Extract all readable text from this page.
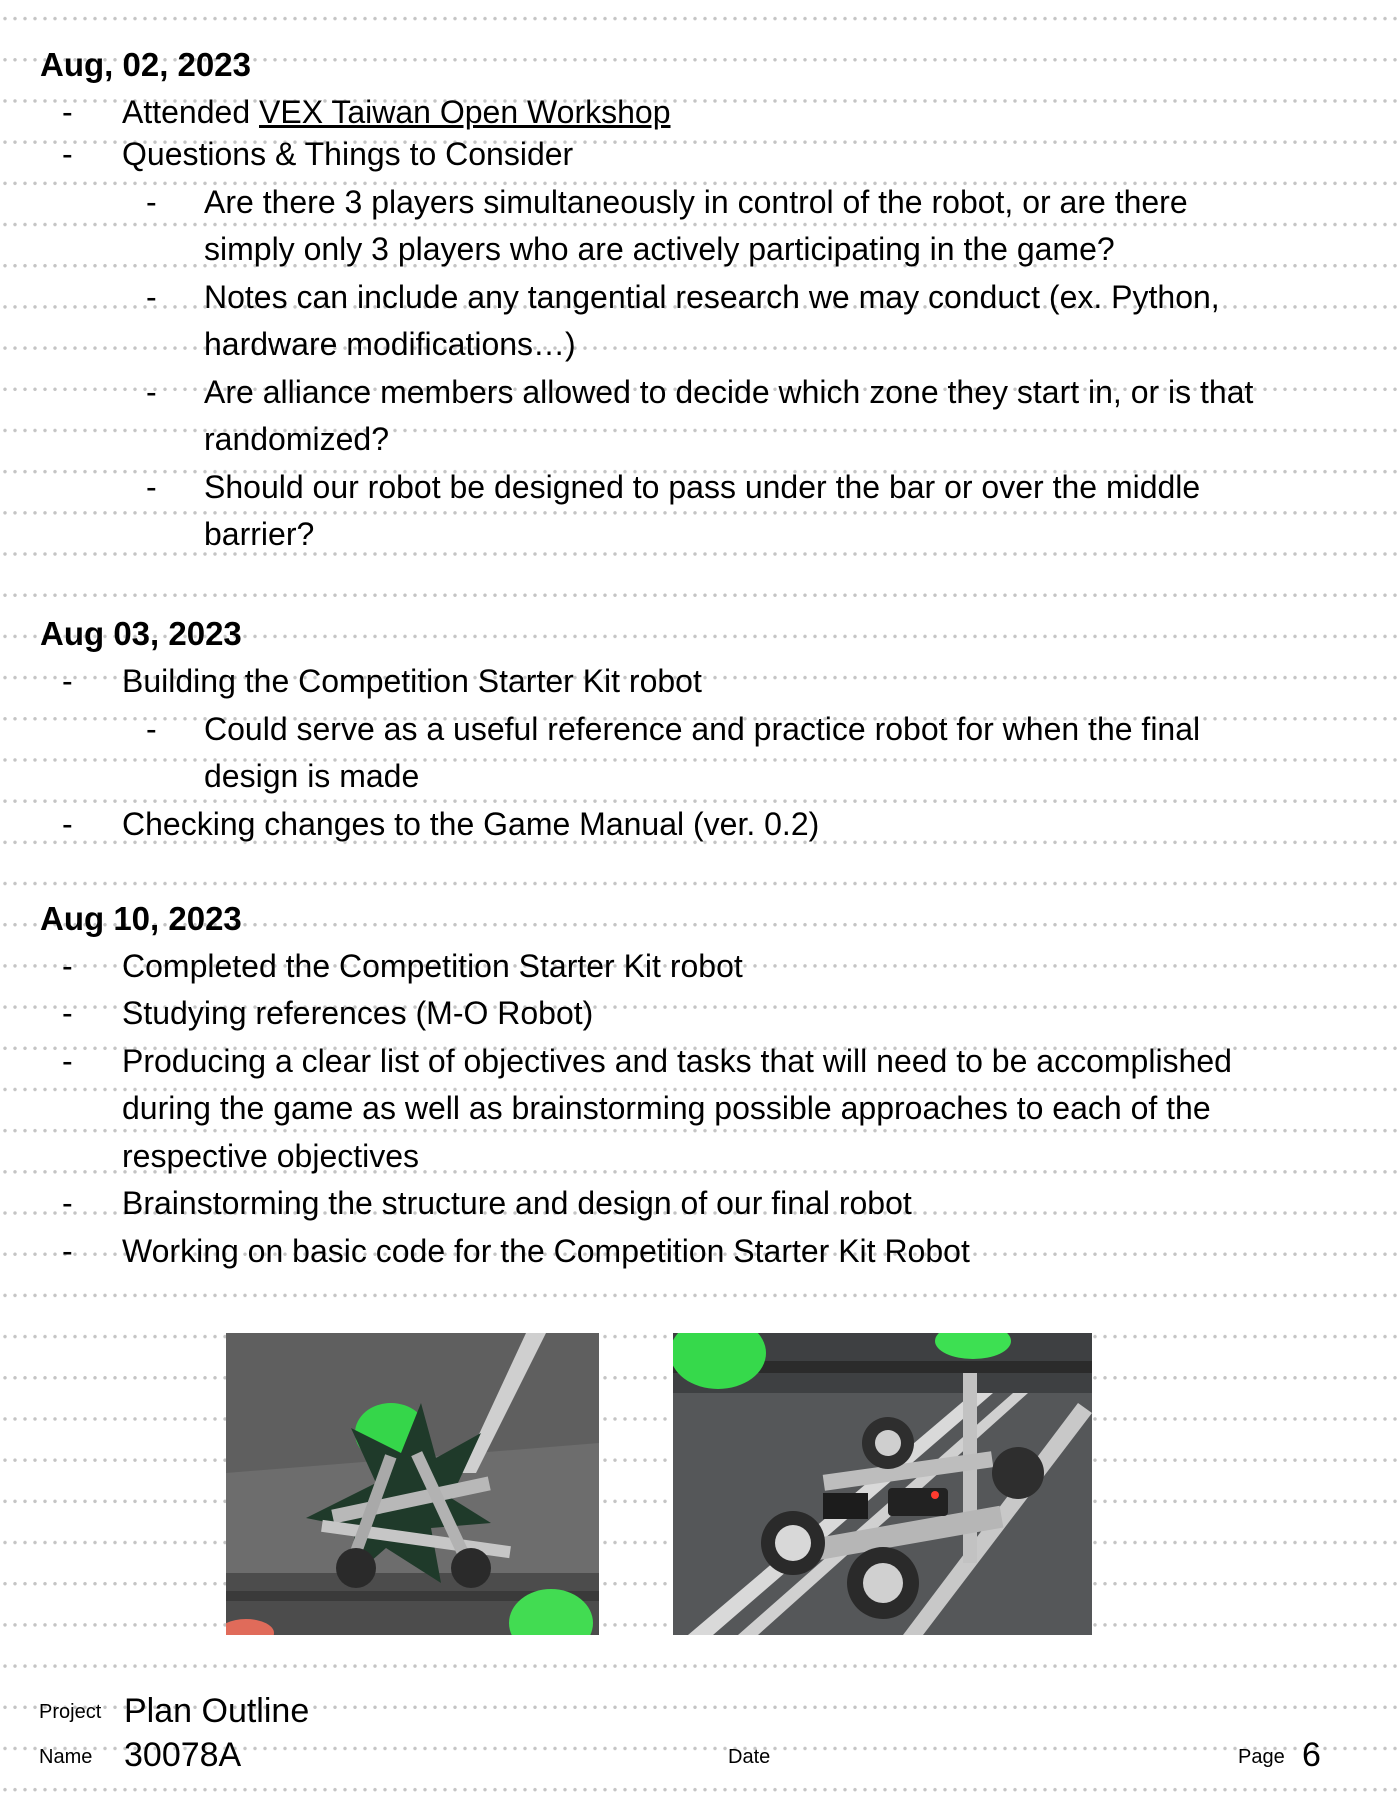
Aug, 02, 2023
- Attended VEX Taiwan Open Workshop
- Questions & Things to Consider
- Are there 3 players simultaneously in control of the robot, or are there
simply only 3 players who are actively participating in the game?
- Notes can include any tangential research we may conduct (ex. Python,
hardware modifications…)
- Are alliance members allowed to decide which zone they start in, or is that
randomized?
- Should our robot be designed to pass under the bar or over the middle
barrier?
Aug 03, 2023
- Building the Competition Starter Kit robot
- Could serve as a useful reference and practice robot for when the final
design is made
- Checking changes to the Game Manual (ver. 0.2)
Aug 10, 2023
- Completed the Competition Starter Kit robot
- Studying references (M-O Robot)
- Producing a clear list of objectives and tasks that will need to be accomplished
during the game as well as brainstorming possible approaches to each of the
respective objectives
- Brainstorming the structure and design of our final robot
- Working on basic code for the Competition Starter Kit Robot
Project Plan Outline
Name 30078A	Date	Page 6
